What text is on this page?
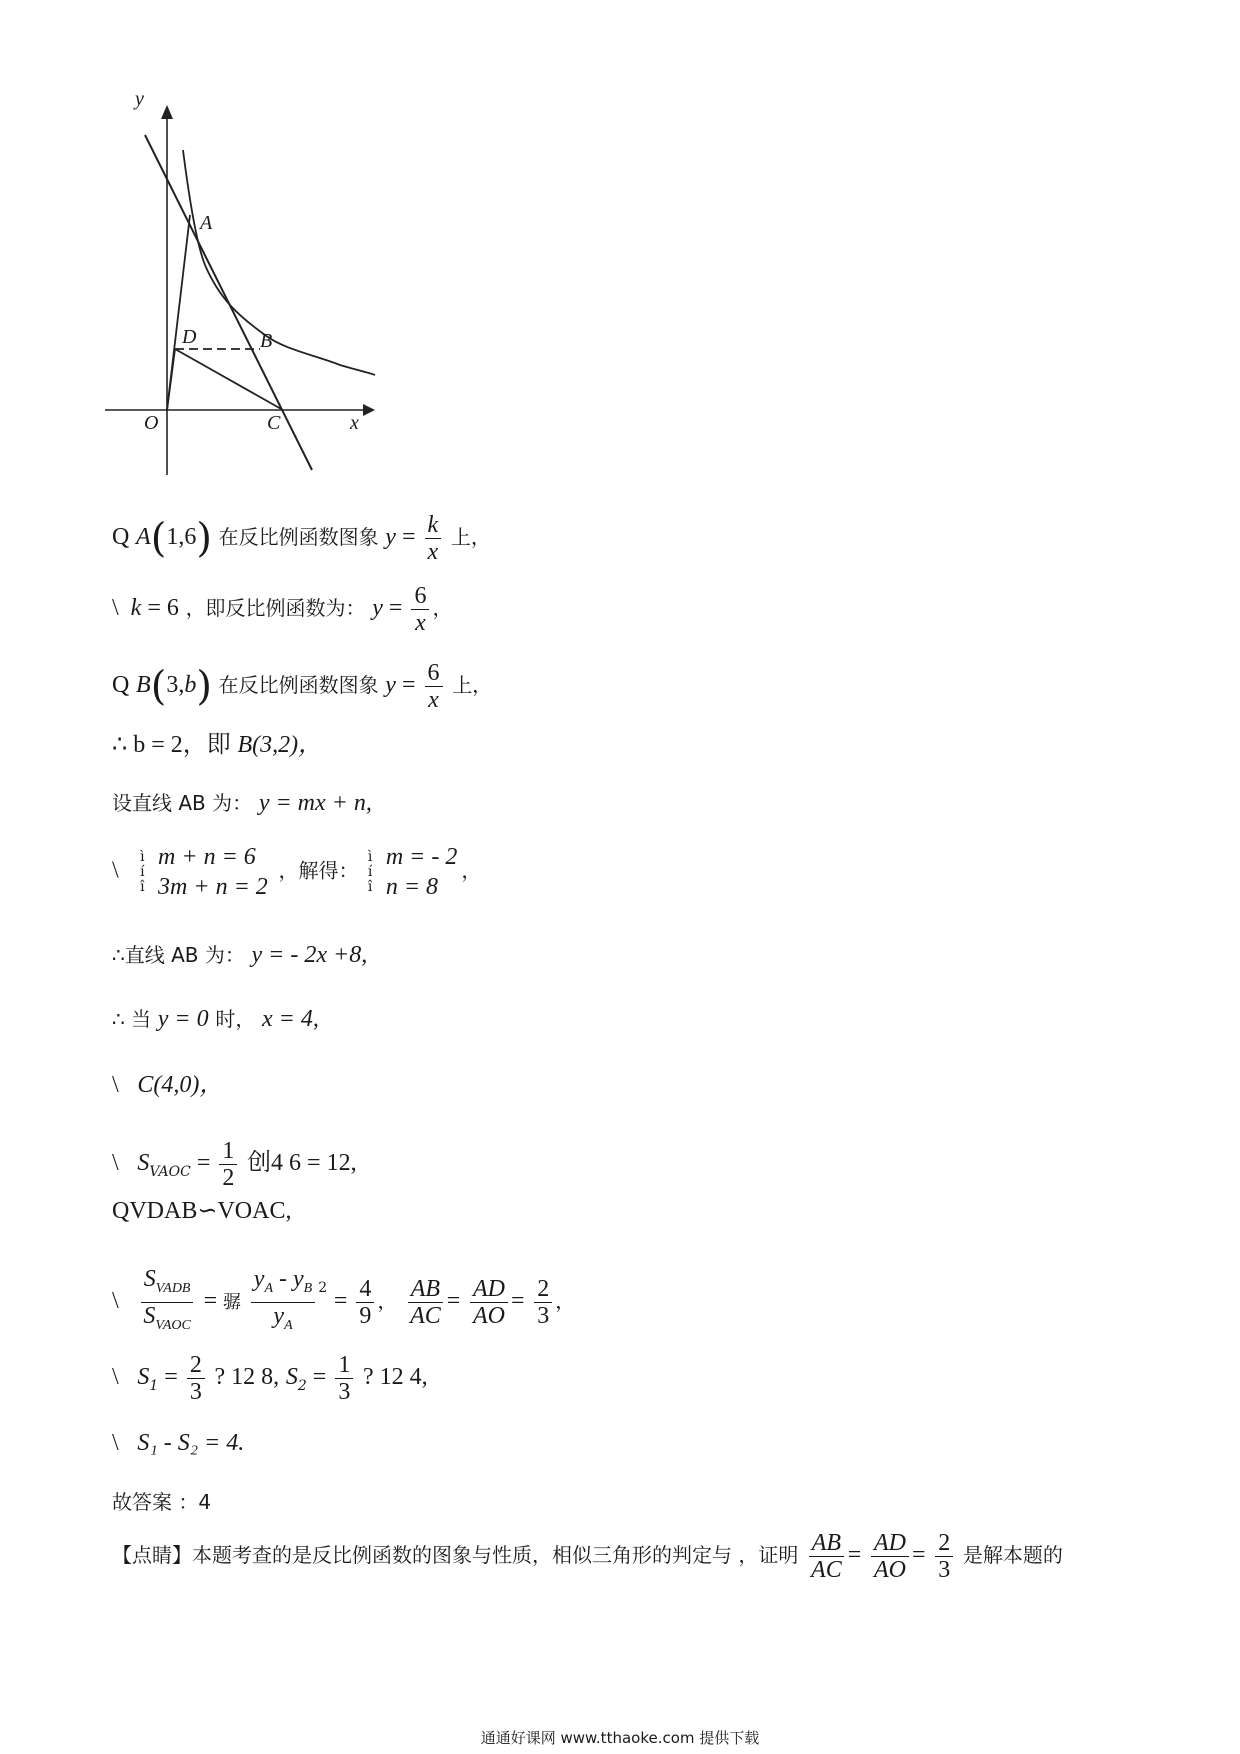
y
x
O
A
B
C
D
Q A(1,6) 在反比例函数图象 $y = \frac{k}{x}$ 上，
\  k = 6 ，即反比例函数为： $y = \frac{6}{x}$ ，
Q B(3,b) 在反比例函数图象 $y = \frac{6}{x}$ 上，
∴ b = 2，即 B(3,2)，
设直线 AB 为： y = mx + n,
\   ì
í
î
m + n = 6
3m + n = 2
，解得： ì
í
î
m = - 2
n = 8
，
∴直线 AB 为： y = - 2x +8,
∴ 当 y = 0 时， x = 4,
\   C(4,0)，
\   $S_{VAOC} = \frac{1}{2}$ 创4 6 = 12,
QVDAB∽VOAC,
\ $\frac{S_{VADB}}{S_{VAOC}}$ = 骣 $\frac{y_A - y_B}{y_A} ^2 = \frac{4}{9}$ ， $\frac{AB}{AC} = \frac{AD}{AO} = \frac{2}{3}$ ，
\   $S_1 = \frac{2}{3}$ ? 12 8, $S_2 = \frac{1}{3}$ ? 12 4,
\   S₁ - S₂ = 4.
故答案 ：4
【点睛】本题考查的是反比例函数的图象与性质，相似三角形的判定与 ，证明 $\frac{AB}{AC} = \frac{AD}{AO} = \frac{2}{3}$ 是解本题的
通通好课网 www.tthaoke.com 提供下载
